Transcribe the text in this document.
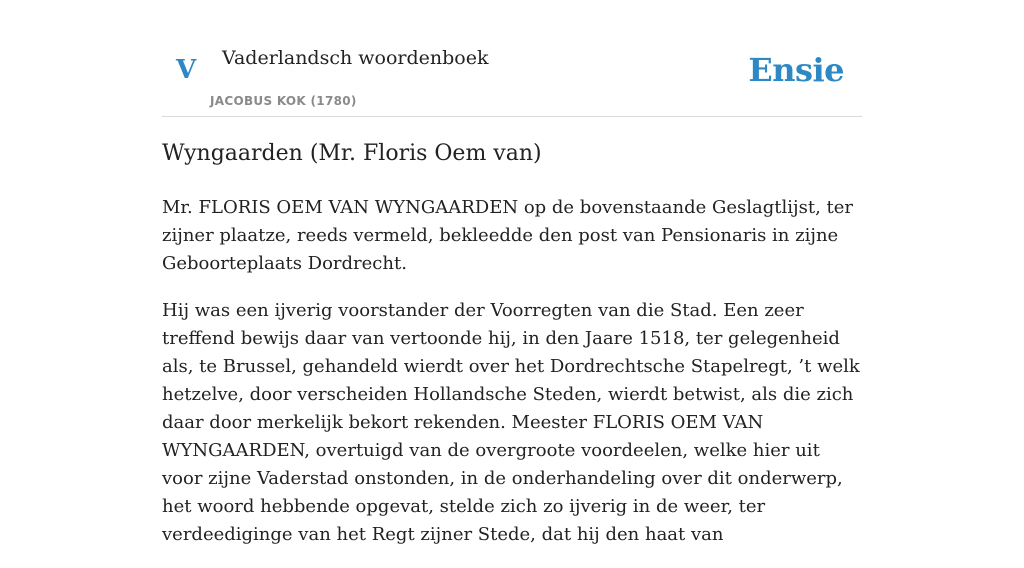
V Vaderlandsch woordenboek
JACOBUS KOK (1780)
Ensie
Wyngaarden (Mr. Floris Oem van)

Mr. FLORIS OEM VAN WYNGAARDEN op de bovenstaande Geslagtlijst, ter zijner plaatze, reeds vermeld, bekleedde den post van Pensionaris in zijne Geboorteplaats Dordrecht.

Hij was een ijverig voorstander der Voorregten van die Stad. Een zeer treffend bewijs daar van vertoonde hij, in den Jaare 1518, ter gelegenheid als, te Brussel, gehandeld wierdt over het Dordrechtsche Stapelregt, ’t welk hetzelve, door verscheiden Hollandsche Steden, wierdt betwist, als die zich daar door merkelijk bekort rekenden. Meester FLORIS OEM VAN WYNGAARDEN, overtuigd van de overgroote voordeelen, welke hier uit voor zijne Vaderstad onstonden, in de onderhandeling over dit onderwerp, het woord hebbende opgevat, stelde zich zo ijverig in de weer, ter verdeediginge van het Regt zijner Stede, dat hij den haat van
